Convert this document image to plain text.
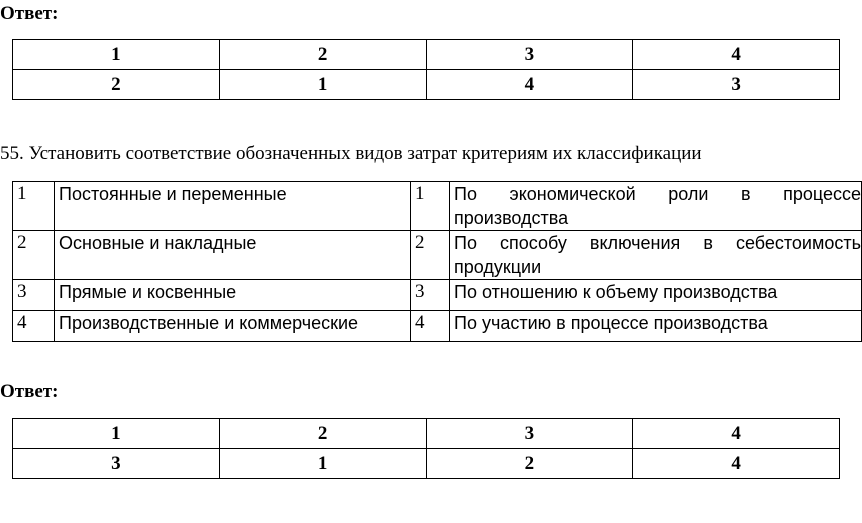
Ответ:
1	2	3	4
2	1	4	3
55. Установить соответствие обозначенных видов затрат критериям их классификации
1	Постоянные и переменные	1	По экономической роли в процессе производства
2	Основные и накладные	2	По способу включения в себестоимость продукции
3	Прямые и косвенные	3	По отношению к объему производства
4	Производственные и коммерческие	4	По участию в процессе производства
Ответ:
1	2	3	4
3	1	2	4
